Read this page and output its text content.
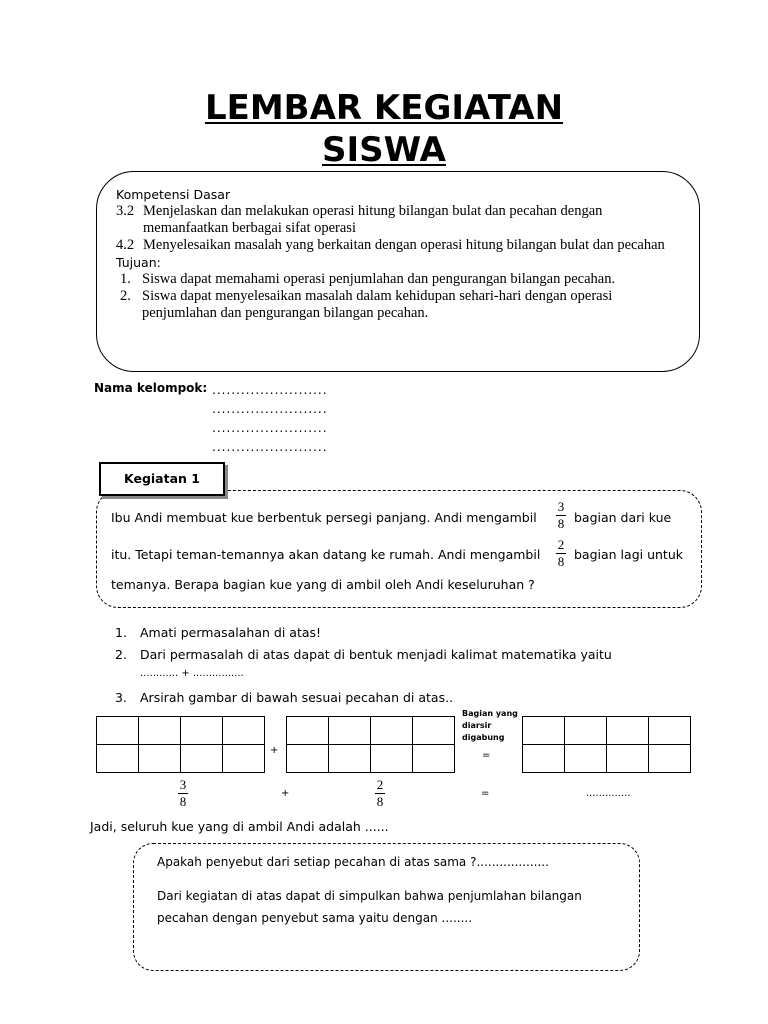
LEMBAR KEGIATAN
SISWA
Kompetensi Dasar
3.2 Menjelaskan dan melakukan operasi hitung bilangan bulat dan pecahan dengan memanfaatkan berbagai sifat operasi
4.2 Menyelesaikan masalah yang berkaitan dengan operasi hitung bilangan bulat dan pecahan
Tujuan:
1. Siswa dapat memahami operasi penjumlahan dan pengurangan bilangan pecahan.
2. Siswa dapat menyelesaikan masalah dalam kehidupan sehari-hari dengan operasi penjumlahan dan pengurangan bilangan pecahan.
Nama kelompok: ........................
........................
........................
........................
Kegiatan 1
Ibu Andi membuat kue berbentuk persegi panjang. Andi mengambil
3
8 bagian dari kue
itu. Tetapi teman-temannya akan datang ke rumah. Andi mengambil
2
8 bagian lagi untuk
temanya. Berapa bagian kue yang di ambil oleh Andi keseluruhan ?
1. Amati permasalahan di atas!
2. Dari permasalah di atas dapat di bentuk menjadi kalimat matematika yaitu
............ + ................
3. Arsirah gambar di bawah sesuai pecahan di atas..

Bagian yang
diarsir
digabung
+	=
3
8
+
2
8
=	..............
Jadi, seluruh kue yang di ambil Andi adalah ......
Apakah penyebut dari setiap pecahan di atas sama ?...................
Dari kegiatan di atas dapat di simpulkan bahwa penjumlahan bilangan
pecahan dengan penyebut sama yaitu dengan ........
